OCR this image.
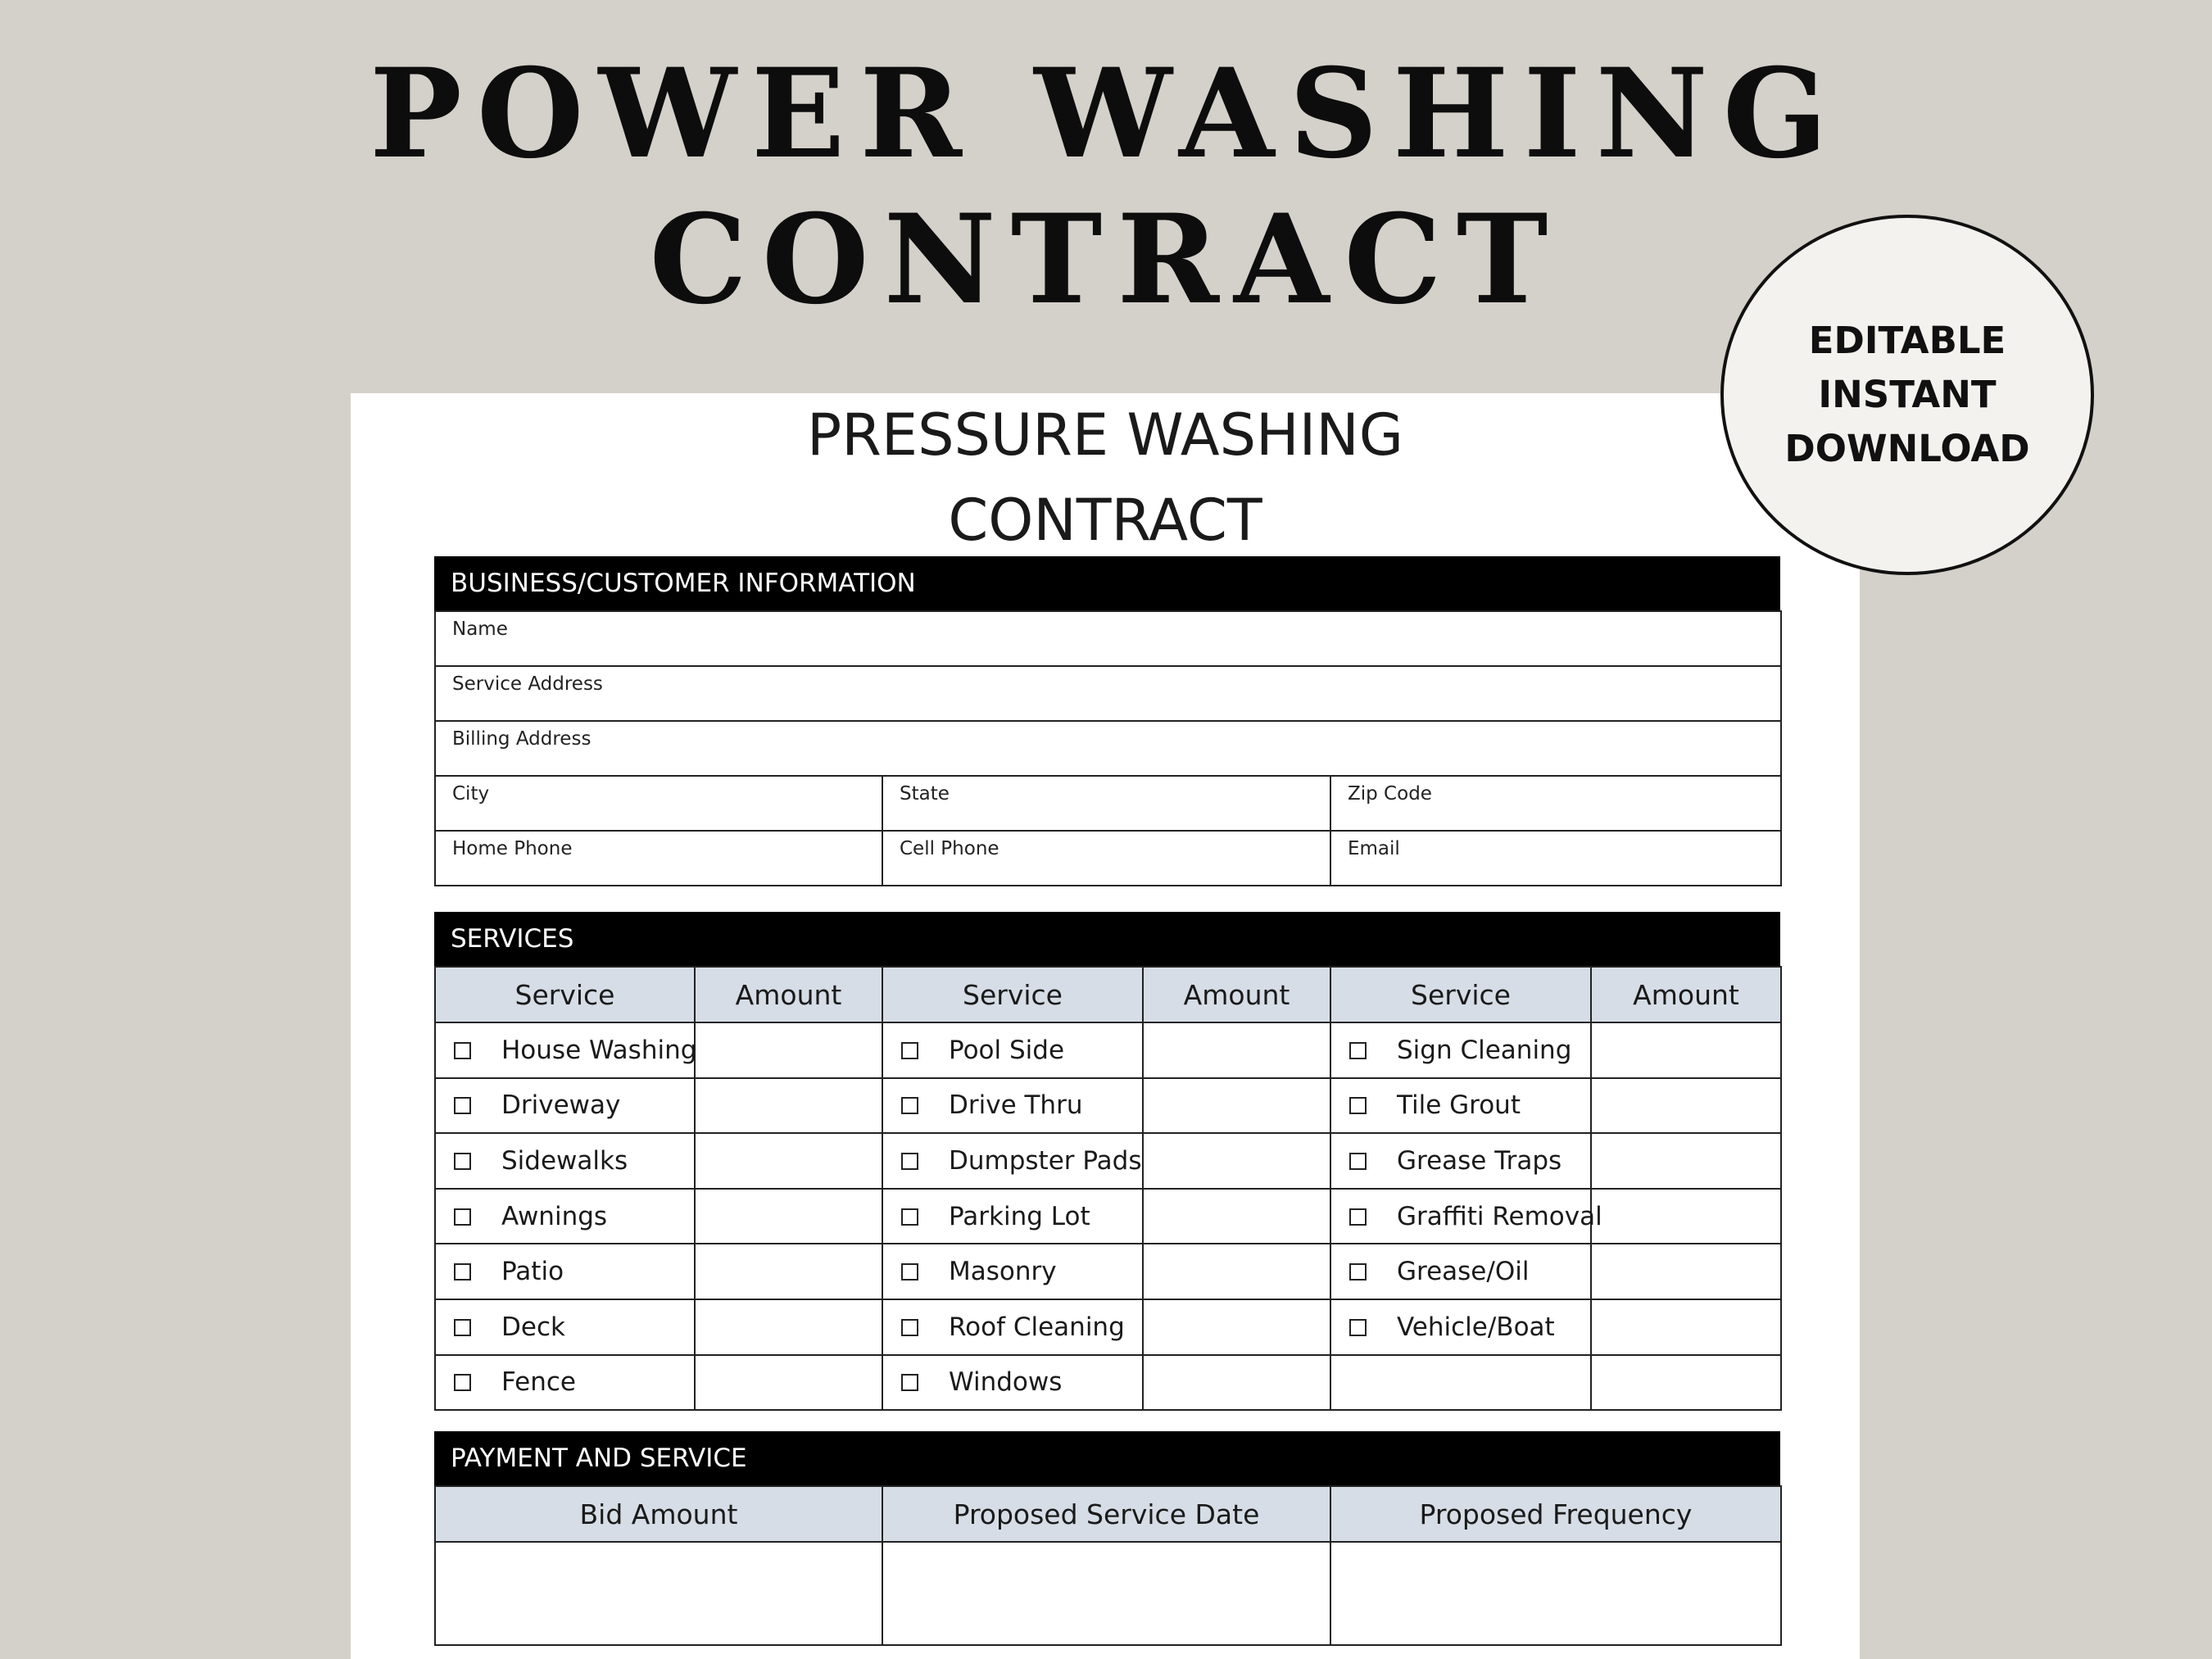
POWER WASHING
CONTRACT
EDITABLE
INSTANT
DOWNLOAD
PRESSURE WASHING
CONTRACT
BUSINESS/CUSTOMER INFORMATION
Name		
Service Address		
Billing Address		
City	State	Zip Code
Home Phone	Cell Phone	Email
SERVICES
Service	Amount	Service	Amount	Service	Amount
House Washing		Pool Side		Sign Cleaning	
Driveway		Drive Thru		Tile Grout	
Sidewalks		Dumpster Pads		Grease Traps	
Awnings		Parking Lot		Graffiti Removal	
Patio		Masonry		Grease/Oil	
Deck		Roof Cleaning		Vehicle/Boat	
Fence		Windows			
PAYMENT AND SERVICE
Bid Amount	Proposed Service Date	Proposed Frequency
